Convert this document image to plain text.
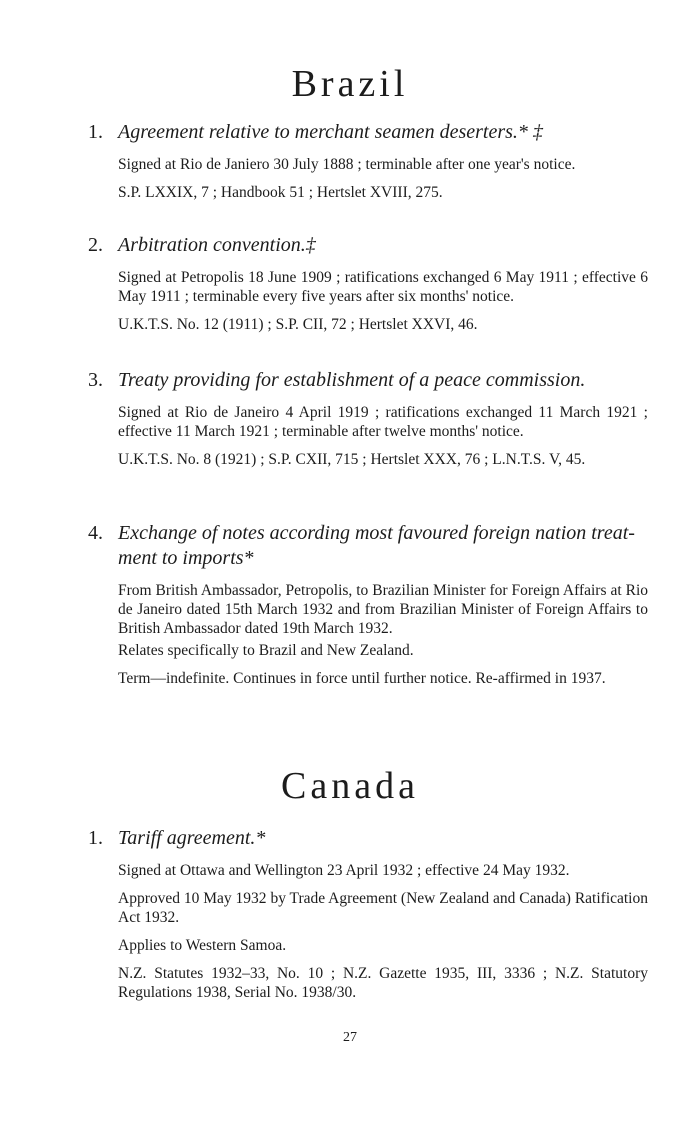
Brazil
1. Agreement relative to merchant seamen deserters.* ‡

Signed at Rio de Janiero 30 July 1888 ; terminable after one year's notice.

S.P. LXXIX, 7 ; Handbook 51 ; Hertslet XVIII, 275.

2. Arbitration convention.‡

Signed at Petropolis 18 June 1909 ; ratifications exchanged 6 May 1911 ; effective 6 May 1911 ; terminable every five years after six months' notice.

U.K.T.S. No. 12 (1911) ; S.P. CII, 72 ; Hertslet XXVI, 46.

3. Treaty providing for establishment of a peace commission.

Signed at Rio de Janeiro 4 April 1919 ; ratifications exchanged 11 March 1921 ; effective 11 March 1921 ; terminable after twelve months' notice.

U.K.T.S. No. 8 (1921) ; S.P. CXII, 715 ; Hertslet XXX, 76 ; L.N.T.S. V, 45.

4. Exchange of notes according most favoured foreign nation treat-
ment to imports*

From British Ambassador, Petropolis, to Brazilian Minister for Foreign Affairs at Rio de Janeiro dated 15th March 1932 and from Brazilian Minister of Foreign Affairs to British Ambassador dated 19th March 1932.

Relates specifically to Brazil and New Zealand.

Term—indefinite. Continues in force until further notice. Re-affirmed in 1937.

Canada
1. Tariff agreement.*

Signed at Ottawa and Wellington 23 April 1932 ; effective 24 May 1932.

Approved 10 May 1932 by Trade Agreement (New Zealand and Canada) Ratification Act 1932.

Applies to Western Samoa.

N.Z. Statutes 1932–33, No. 10 ; N.Z. Gazette 1935, III, 3336 ; N.Z. Statutory Regulations 1938, Serial No. 1938/30.

27
